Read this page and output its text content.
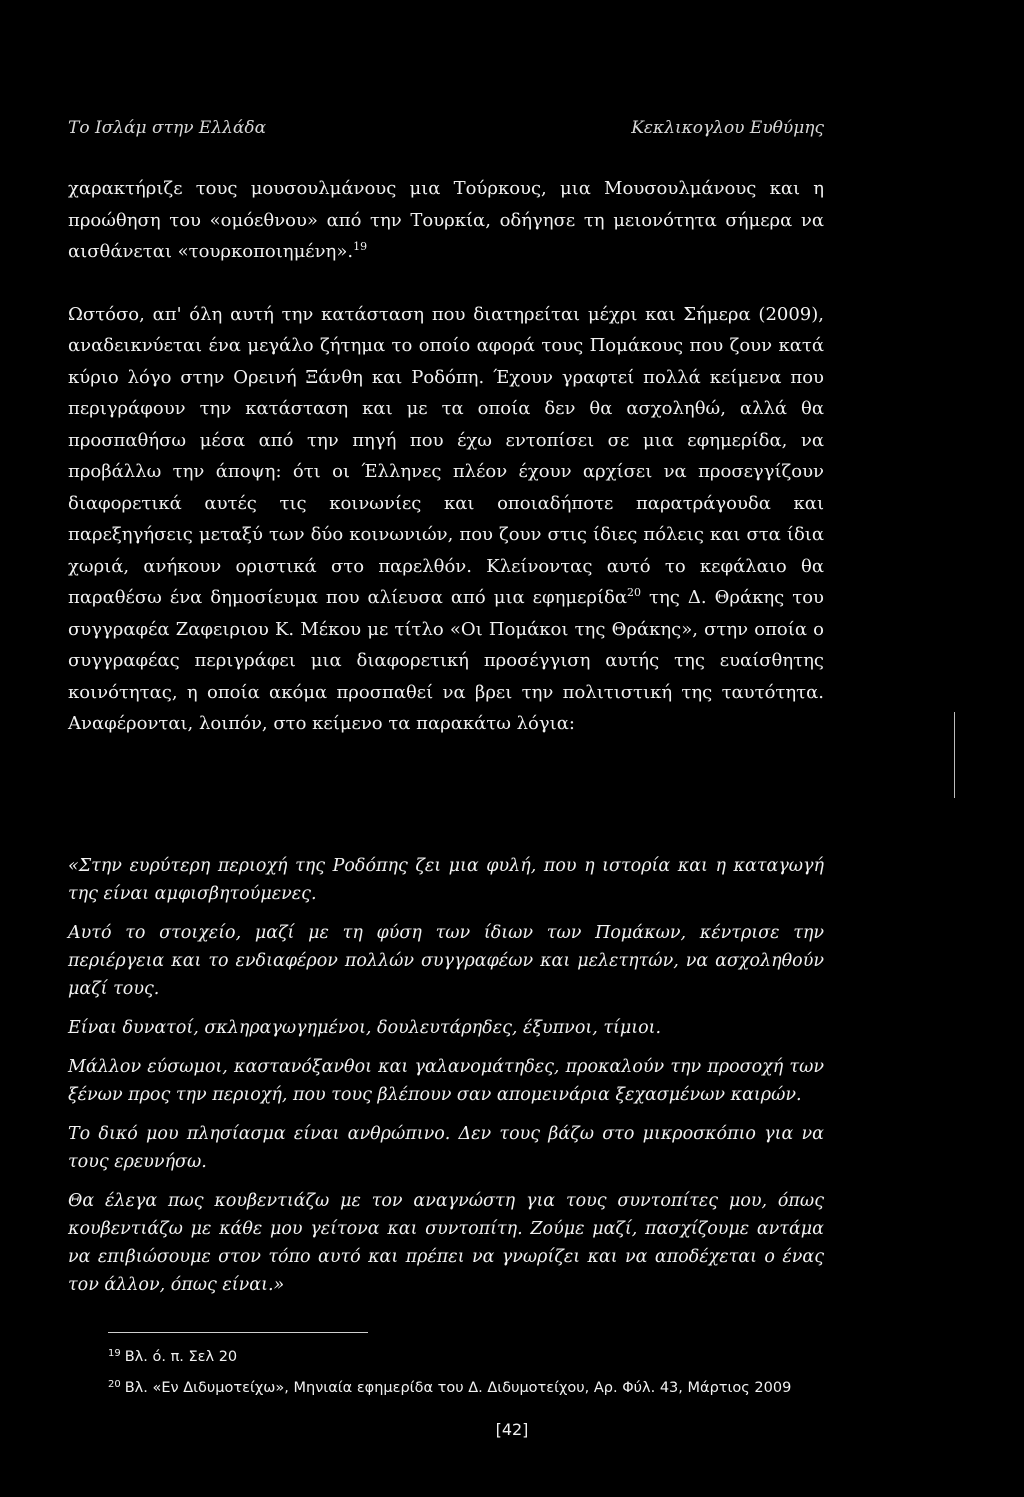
Το Ισλάμ στην Ελλάδα	Κεκλικογλου Ευθύμης

χαρακτήριζε τους μουσουλμάνους μια Τούρκους, μια Μουσουλμάνους και η προώθηση του «ομόεθνου» από την Τουρκία, οδήγησε τη μειονότητα σήμερα να αισθάνεται «τουρκοποιημένη».$^{19}$

Ωστόσο, απ' όλη αυτή την κατάσταση που διατηρείται μέχρι και Σήμερα (2009), αναδεικνύεται ένα μεγάλο ζήτημα το οποίο αφορά τους Πομάκους που ζουν κατά κύριο λόγο στην Ορεινή Ξάνθη και Ροδόπη. Έχουν γραφτεί πολλά κείμενα που περιγράφουν την κατάσταση και με τα οποία δεν θα ασχοληθώ, αλλά θα προσπαθήσω μέσα από την πηγή που έχω εντοπίσει σε μια εφημερίδα, να προβάλλω την άποψη: ότι οι Έλληνες πλέον έχουν αρχίσει να προσεγγίζουν διαφορετικά αυτές τις κοινωνίες και οποιαδήποτε παρατράγουδα και παρεξηγήσεις μεταξύ των δύο κοινωνιών, που ζουν στις ίδιες πόλεις και στα ίδια χωριά, ανήκουν οριστικά στο παρελθόν. Κλείνοντας αυτό το κεφάλαιο θα παραθέσω ένα δημοσίευμα που αλίευσα από μια εφημερίδα$^{20}$ της Δ. Θράκης του συγγραφέα Ζαφειριου Κ. Μέκου με τίτλο «Οι Πομάκοι της Θράκης», στην οποία ο συγγραφέας περιγράφει μια διαφορετική προσέγγιση αυτής της ευαίσθητης κοινότητας, η οποία ακόμα προσπαθεί να βρει την πολιτιστική της ταυτότητα. Αναφέρονται, λοιπόν, στο κείμενο τα παρακάτω λόγια:

«Στην ευρύτερη περιοχή της Ροδόπης ζει μια φυλή, που η ιστορία και η καταγωγή της είναι αμφισβητούμενες.

Αυτό το στοιχείο, μαζί με τη φύση των ίδιων των Πομάκων, κέντρισε την περιέργεια και το ενδιαφέρον πολλών συγγραφέων και μελετητών, να ασχοληθούν μαζί τους.

Είναι δυνατοί, σκληραγωγημένοι, δουλευτάρηδες, έξυπνοι, τίμιοι.

Μάλλον εύσωμοι, καστανόξανθοι και γαλανομάτηδες, προκαλούν την προσοχή των ξένων προς την περιοχή, που τους βλέπουν σαν απομεινάρια ξεχασμένων καιρών.

Το δικό μου πλησίασμα είναι ανθρώπινο. Δεν τους βάζω στο μικροσκόπιο για να τους ερευνήσω.

Θα έλεγα πως κουβεντιάζω με τον αναγνώστη για τους συντοπίτες μου, όπως κουβεντιάζω με κάθε μου γείτονα και συντοπίτη. Ζούμε μαζί, πασχίζουμε αντάμα να επιβιώσουμε στον τόπο αυτό και πρέπει να γνωρίζει και να αποδέχεται ο ένας τον άλλον, όπως είναι.»

$^{19}$ Βλ. ό. π. Σελ 20
$^{20}$ Βλ. «Εν Διδυμοτείχω», Μηνιαία εφημερίδα του Δ. Διδυμοτείχου, Αρ. Φύλ. 43, Μάρτιος 2009
[42]
